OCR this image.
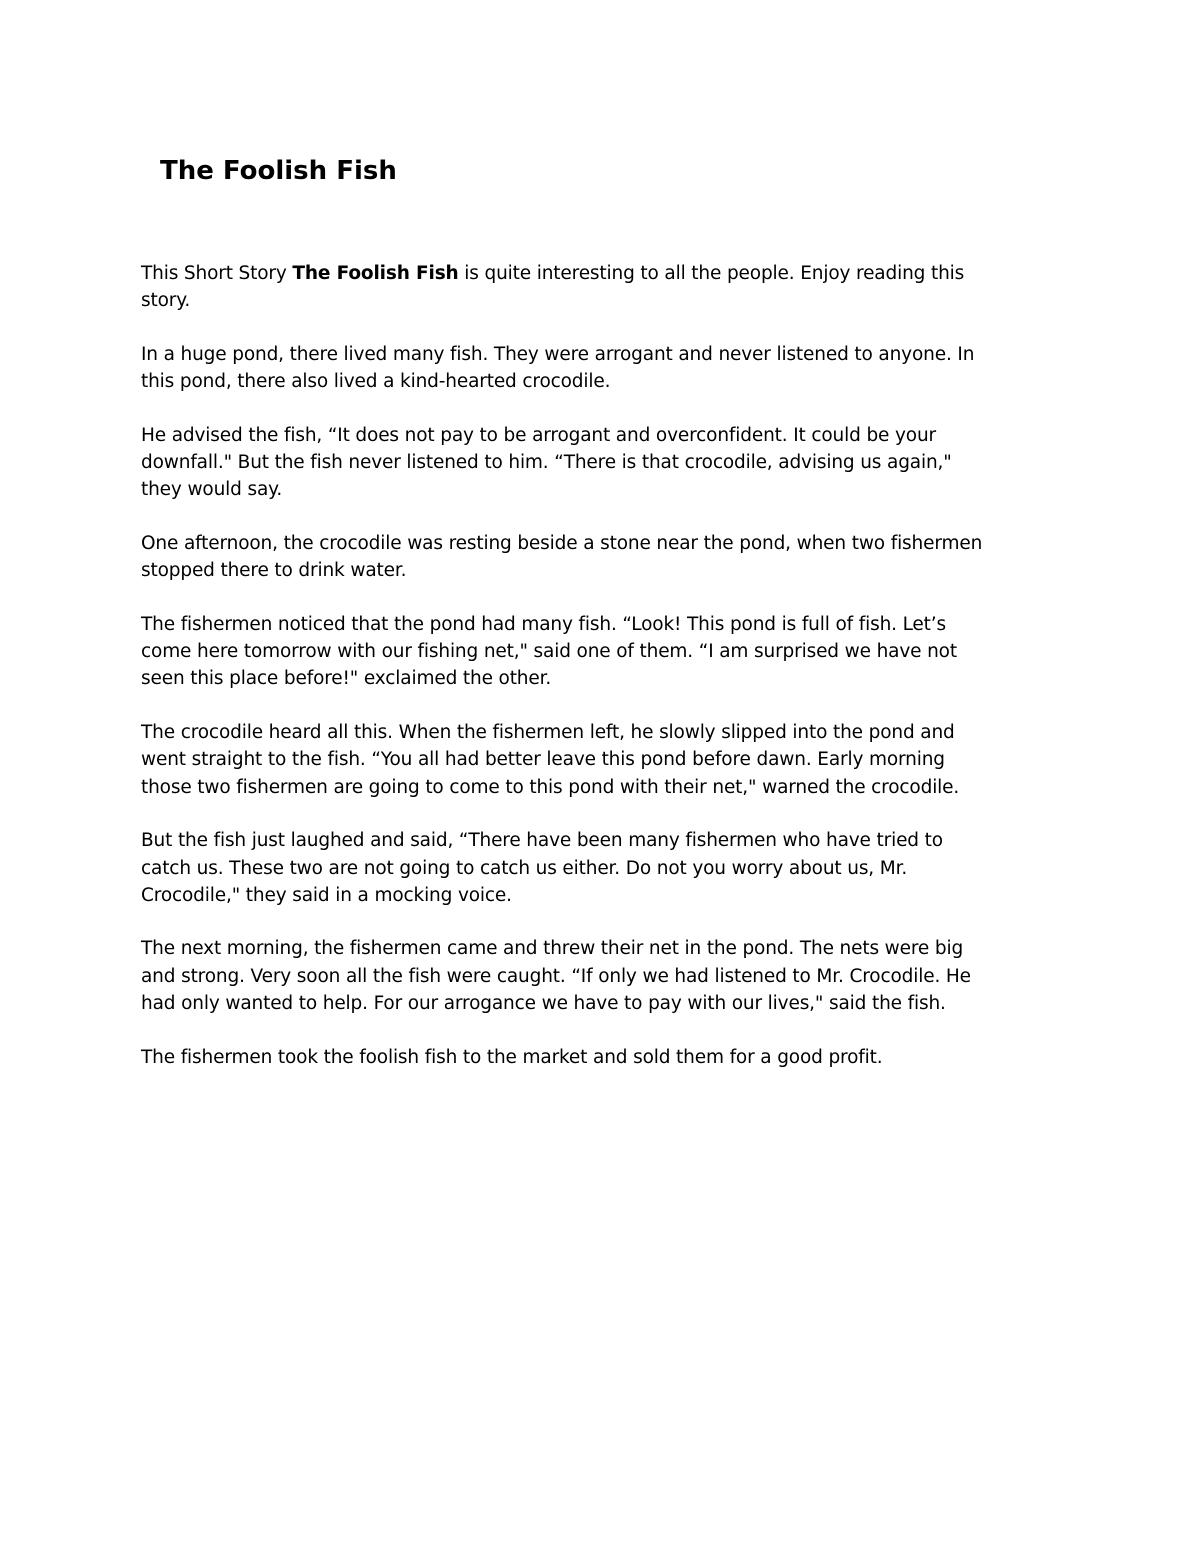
The Foolish Fish

This Short Story The Foolish Fish is quite interesting to all the people. Enjoy reading this
story.

In a huge pond, there lived many fish. They were arrogant and never listened to anyone. In
this pond, there also lived a kind-hearted crocodile.

He advised the fish, “It does not pay to be arrogant and overconfident. It could be your
downfall." But the fish never listened to him. “There is that crocodile, advising us again,"
they would say.

One afternoon, the crocodile was resting beside a stone near the pond, when two fishermen
stopped there to drink water.

The fishermen noticed that the pond had many fish. “Look! This pond is full of fish. Let’s
come here tomorrow with our fishing net," said one of them. “I am surprised we have not
seen this place before!" exclaimed the other.

The crocodile heard all this. When the fishermen left, he slowly slipped into the pond and
went straight to the fish. “You all had better leave this pond before dawn. Early morning
those two fishermen are going to come to this pond with their net," warned the crocodile.

But the fish just laughed and said, “There have been many fishermen who have tried to
catch us. These two are not going to catch us either. Do not you worry about us, Mr.
Crocodile," they said in a mocking voice.

The next morning, the fishermen came and threw their net in the pond. The nets were big
and strong. Very soon all the fish were caught. “If only we had listened to Mr. Crocodile. He
had only wanted to help. For our arrogance we have to pay with our lives," said the fish.

The fishermen took the foolish fish to the market and sold them for a good profit.
